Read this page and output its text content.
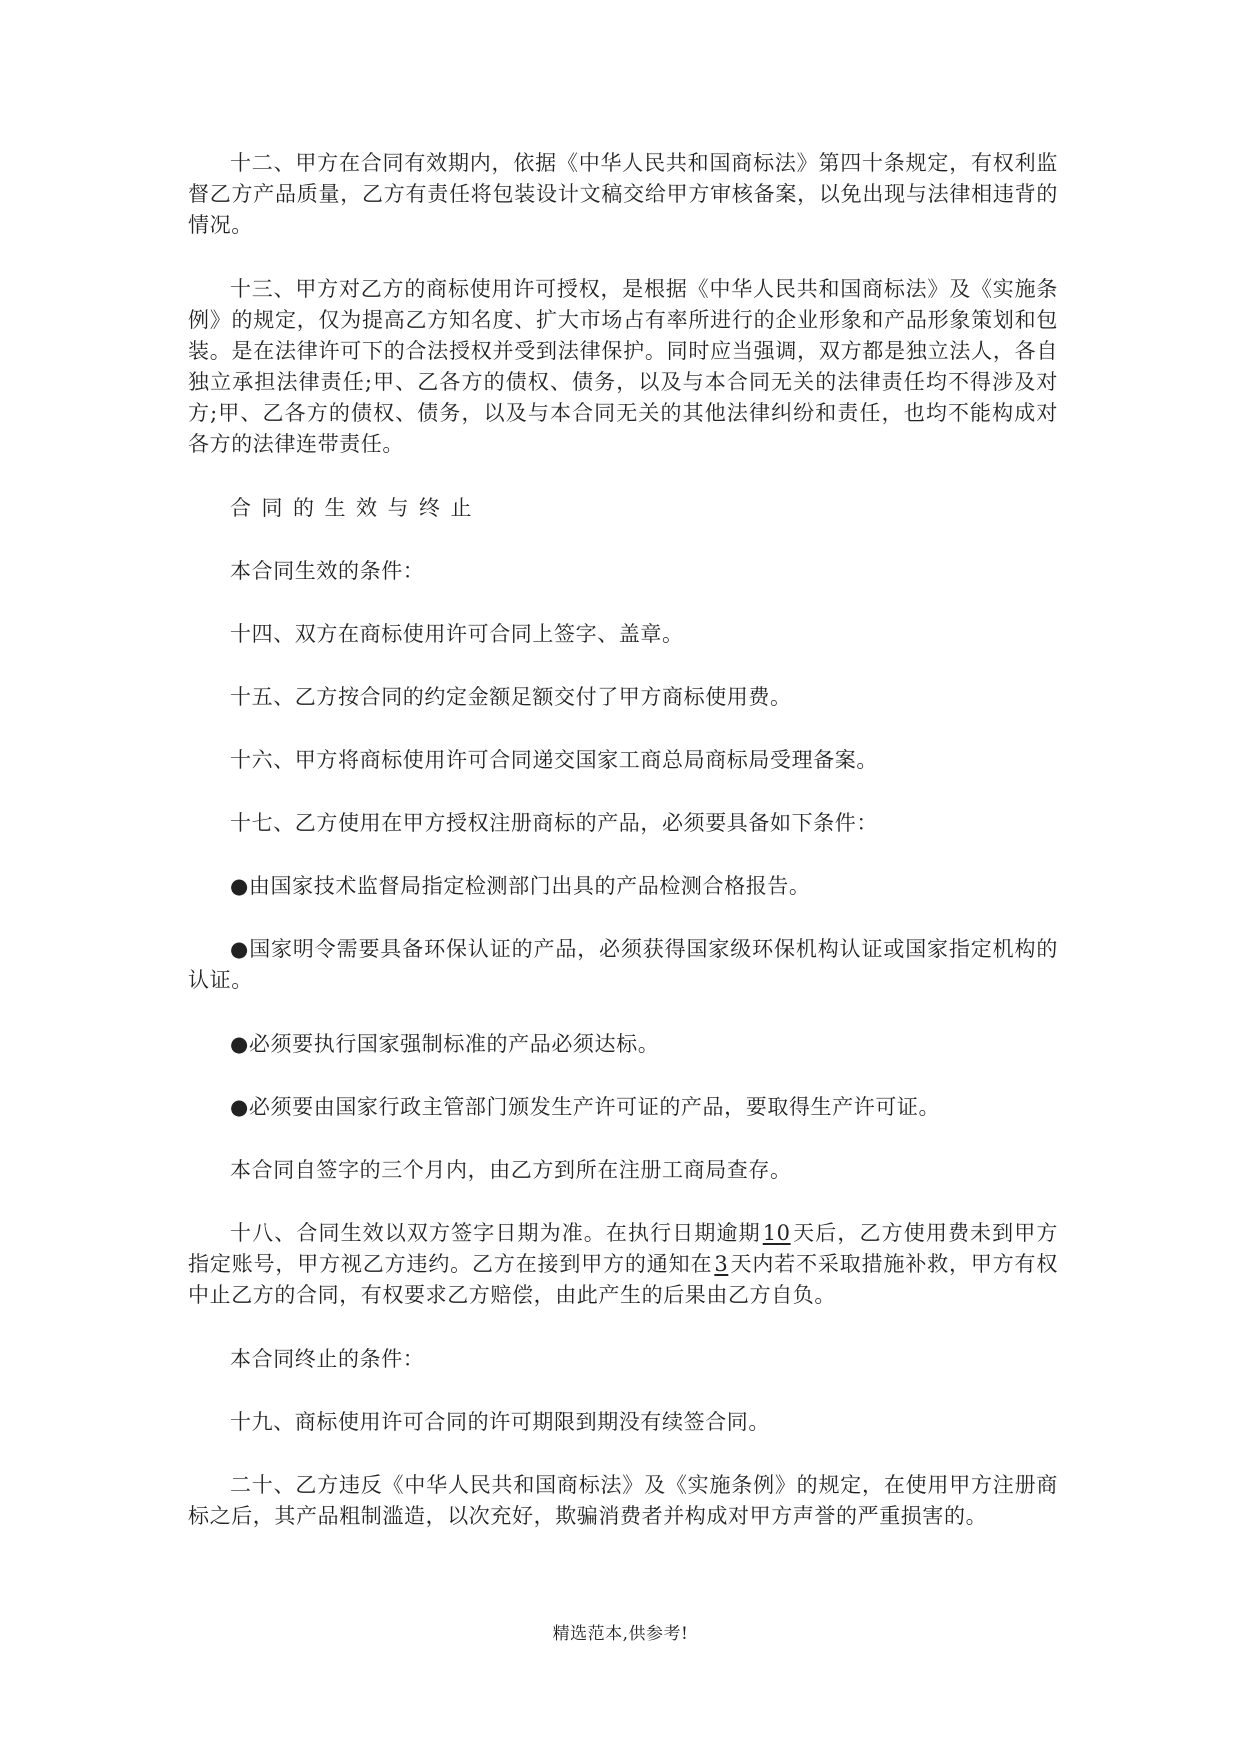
十二、甲方在合同有效期内，依据《中华人民共和国商标法》第四十条规定，有权利监督乙方产品质量，乙方有责任将包装设计文稿交给甲方审核备案，以免出现与法律相违背的情况。

十三、甲方对乙方的商标使用许可授权，是根据《中华人民共和国商标法》及《实施条例》的规定，仅为提高乙方知名度、扩大市场占有率所进行的企业形象和产品形象策划和包装。是在法律许可下的合法授权并受到法律保护。同时应当强调，双方都是独立法人，各自独立承担法律责任;甲、乙各方的债权、债务，以及与本合同无关的法律责任均不得涉及对方;甲、乙各方的债权、债务，以及与本合同无关的其他法律纠纷和责任，也均不能构成对各方的法律连带责任。

合同的生效与终止

本合同生效的条件：

十四、双方在商标使用许可合同上签字、盖章。

十五、乙方按合同的约定金额足额交付了甲方商标使用费。

十六、甲方将商标使用许可合同递交国家工商总局商标局受理备案。

十七、乙方使用在甲方授权注册商标的产品，必须要具备如下条件：

●由国家技术监督局指定检测部门出具的产品检测合格报告。

●国家明令需要具备环保认证的产品，必须获得国家级环保机构认证或国家指定机构的认证。

●必须要执行国家强制标准的产品必须达标。

●必须要由国家行政主管部门颁发生产许可证的产品，要取得生产许可证。

本合同自签字的三个月内，由乙方到所在注册工商局查存。

十八、合同生效以双方签字日期为准。在执行日期逾期10天后，乙方使用费未到甲方指定账号，甲方视乙方违约。乙方在接到甲方的通知在3天内若不采取措施补救，甲方有权中止乙方的合同，有权要求乙方赔偿，由此产生的后果由乙方自负。

本合同终止的条件：

十九、商标使用许可合同的许可期限到期没有续签合同。

二十、乙方违反《中华人民共和国商标法》及《实施条例》的规定，在使用甲方注册商标之后，其产品粗制滥造，以次充好，欺骗消费者并构成对甲方声誉的严重损害的。

精选范本,供参考!
